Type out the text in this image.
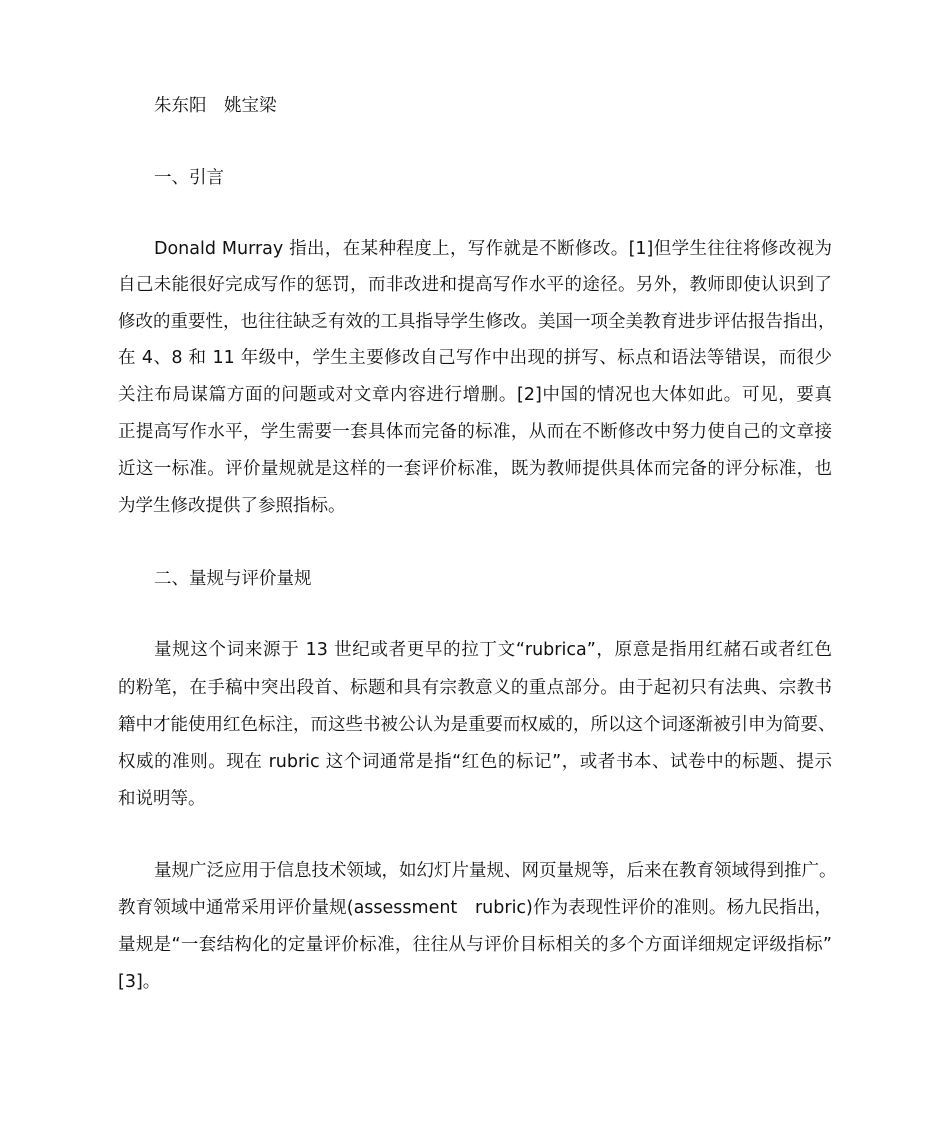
朱东阳　姚宝梁
一、引言
Donald Murray 指出，在某种程度上，写作就是不断修改。[1]但学生往往将修改视为
自己未能很好完成写作的惩罚，而非改进和提高写作水平的途径。另外，教师即使认识到了
修改的重要性，也往往缺乏有效的工具指导学生修改。美国一项全美教育进步评估报告指出，
在 4、8 和 11 年级中，学生主要修改自己写作中出现的拼写、标点和语法等错误，而很少
关注布局谋篇方面的问题或对文章内容进行增删。[2]中国的情况也大体如此。可见，要真
正提高写作水平，学生需要一套具体而完备的标准，从而在不断修改中努力使自己的文章接
近这一标准。评价量规就是这样的一套评价标准，既为教师提供具体而完备的评分标准，也
为学生修改提供了参照指标。
二、量规与评价量规
量规这个词来源于 13 世纪或者更早的拉丁文“rubrica”，原意是指用红赭石或者红色
的粉笔，在手稿中突出段首、标题和具有宗教意义的重点部分。由于起初只有法典、宗教书
籍中才能使用红色标注，而这些书被公认为是重要而权威的，所以这个词逐渐被引申为简要、
权威的准则。现在 rubric 这个词通常是指“红色的标记”，或者书本、试卷中的标题、提示
和说明等。
量规广泛应用于信息技术领域，如幻灯片量规、网页量规等，后来在教育领域得到推广。
教育领域中通常采用评价量规(assessment　rubric)作为表现性评价的准则。杨九民指出，
量规是“一套结构化的定量评价标准，往往从与评价目标相关的多个方面详细规定评级指标”
[3]。
